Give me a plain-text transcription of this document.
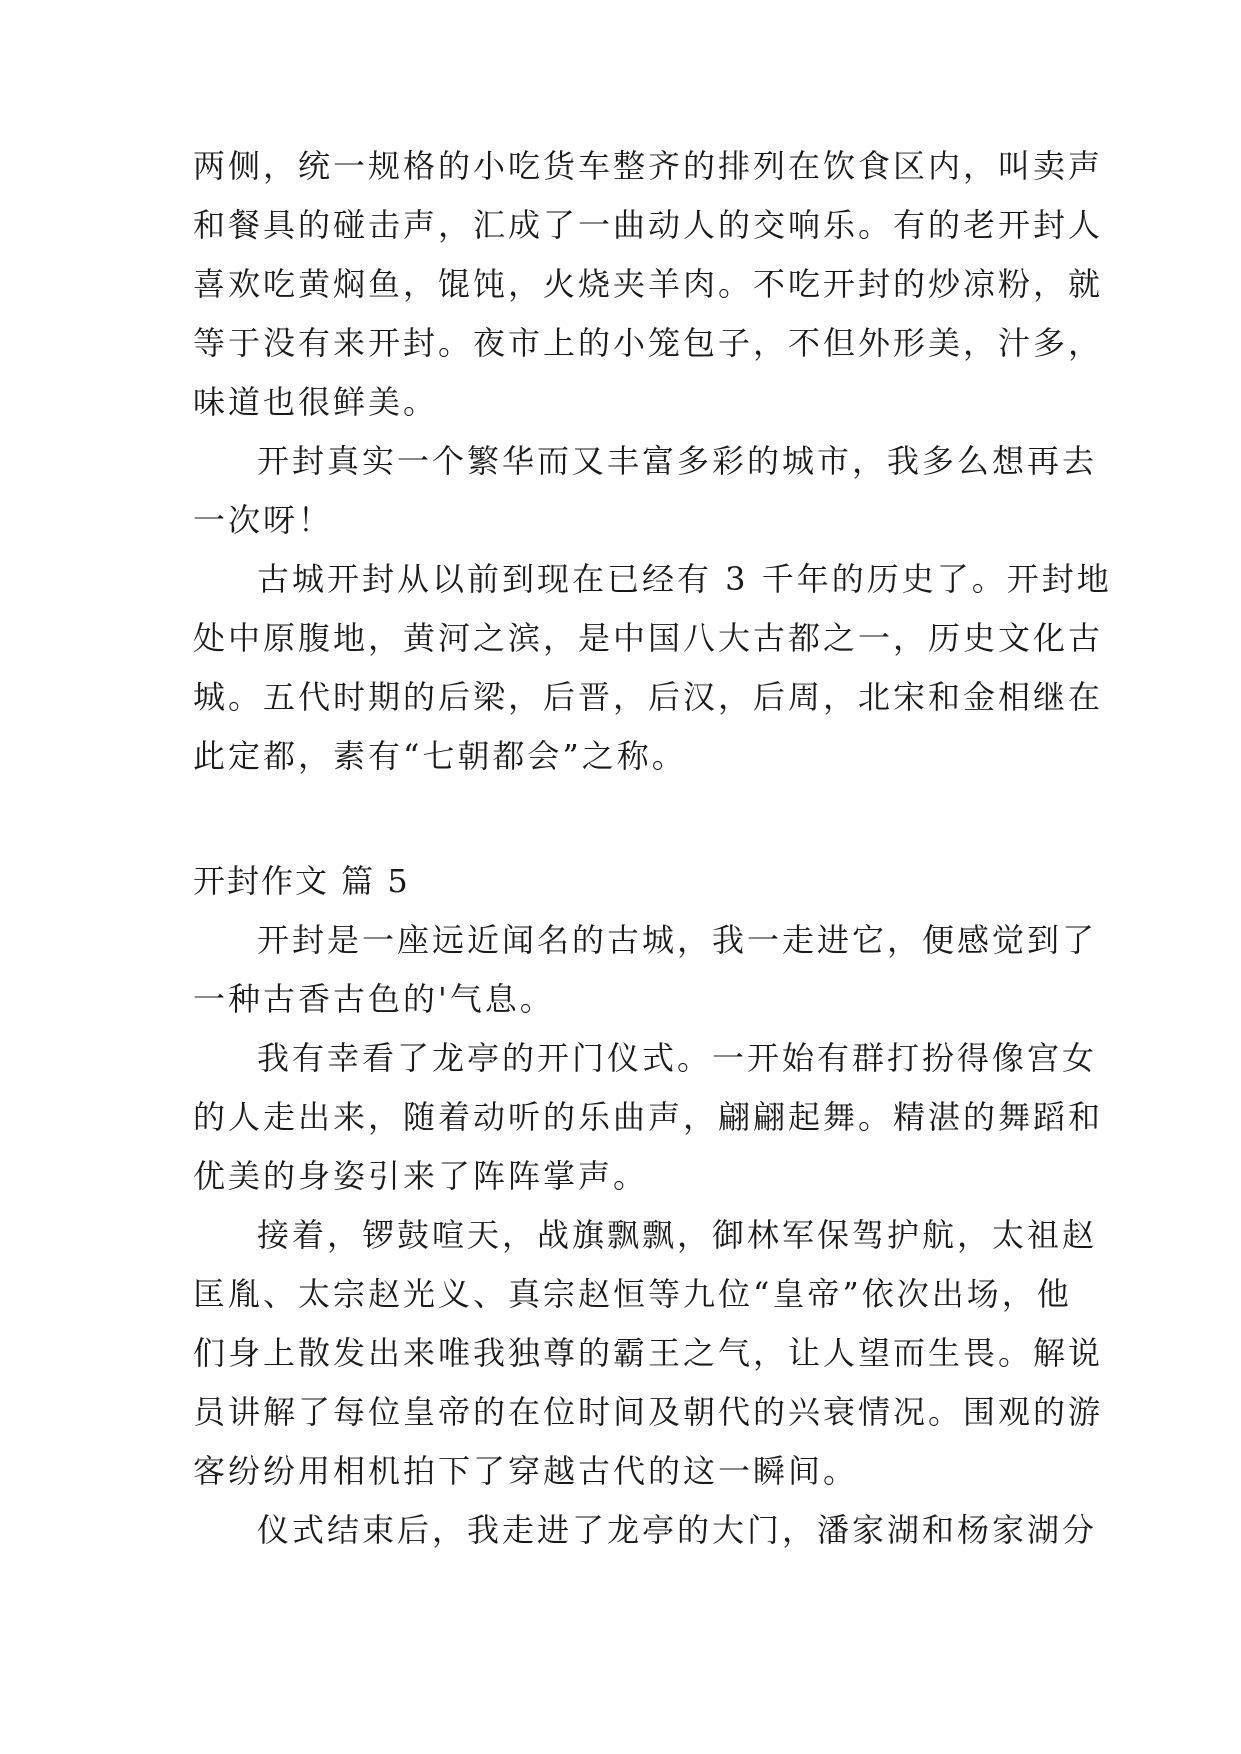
两侧，统一规格的小吃货车整齐的排列在饮食区内，叫卖声
和餐具的碰击声，汇成了一曲动人的交响乐。有的老开封人
喜欢吃黄焖鱼，馄饨，火烧夹羊肉。不吃开封的炒凉粉，就
等于没有来开封。夜市上的小笼包子，不但外形美，汁多，
味道也很鲜美。
开封真实一个繁华而又丰富多彩的城市，我多么想再去
一次呀！
古城开封从以前到现在已经有 3 千年的历史了。开封地
处中原腹地，黄河之滨，是中国八大古都之一，历史文化古
城。五代时期的后梁，后晋，后汉，后周，北宋和金相继在
此定都，素有“七朝都会”之称。
开封作文 篇 5
开封是一座远近闻名的古城，我一走进它，便感觉到了
一种古香古色的'气息。
我有幸看了龙亭的开门仪式。一开始有群打扮得像宫女
的人走出来，随着动听的乐曲声，翩翩起舞。精湛的舞蹈和
优美的身姿引来了阵阵掌声。
接着，锣鼓喧天，战旗飘飘，御林军保驾护航，太祖赵
匡胤、太宗赵光义、真宗赵恒等九位“皇帝”依次出场，他
们身上散发出来唯我独尊的霸王之气，让人望而生畏。解说
员讲解了每位皇帝的在位时间及朝代的兴衰情况。围观的游
客纷纷用相机拍下了穿越古代的这一瞬间。
仪式结束后，我走进了龙亭的大门，潘家湖和杨家湖分
